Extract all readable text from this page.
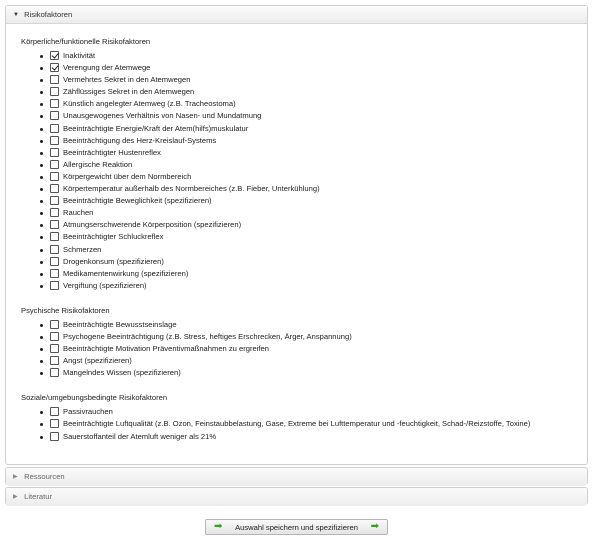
▼ Risikofaktoren
Körperliche/funktionelle Risikofaktoren
Inaktivität
Verengung der Atemwege
Vermehrtes Sekret in den Atemwegen
Zähflüssiges Sekret in den Atemwegen
Künstlich angelegter Atemweg (z.B. Tracheostoma)
Unausgewogenes Verhältnis von Nasen- und Mundatmung
Beeinträchtigte Energie/Kraft der Atem(hilfs)muskulatur
Beeinträchtigung des Herz-Kreislauf-Systems
Beeinträchtigter Hustenreflex
Allergische Reaktion
Körpergewicht über dem Normbereich
Körpertemperatur außerhalb des Normbereiches (z.B. Fieber, Unterkühlung)
Beeinträchtigte Beweglichkeit (spezifizieren)
Rauchen
Atmungserschwerende Körperposition (spezifizieren)
Beeinträchtigter Schluckreflex
Schmerzen
Drogenkonsum (spezifizieren)
Medikamentenwirkung (spezifizieren)
Vergiftung (spezifizieren)
Psychische Risikofaktoren
Beeinträchtigte Bewusstseinslage
Psychogene Beeinträchtigung (z.B. Stress, heftiges Erschrecken, Ärger, Anspannung)
Beeinträchtigte Motivation Präventivmaßnahmen zu ergreifen
Angst (spezifizieren)
Mangelndes Wissen (spezifizieren)
Soziale/umgebungsbedingte Risikofaktoren
Passivrauchen
Beeinträchtigte Luftqualität (z.B. Ozon, Feinstaubbelastung, Gase, Extreme bei Lufttemperatur und -feuchtigkeit, Schad-/Reizstoffe, Toxine)
Sauerstoffanteil der Atemluft weniger als 21%
▶ Ressourcen
▶ Literatur
➡ Auswahl speichern und spezifizieren ➡
